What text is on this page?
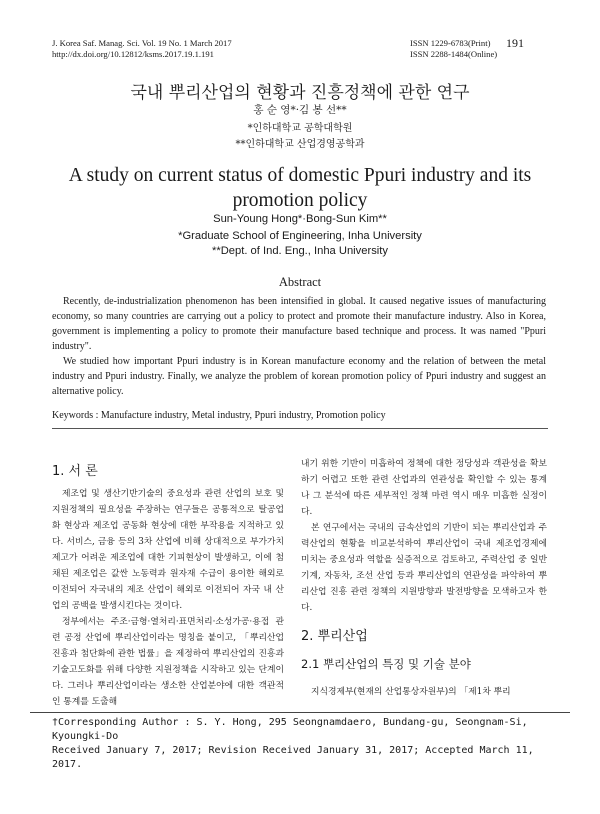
J. Korea Saf. Manag. Sci. Vol. 19 No. 1 March 2017
http://dx.doi.org/10.12812/ksms.2017.19.1.191
ISSN 1229-6783(Print)
ISSN 2288-1484(Online)
191
국내 뿌리산업의 현황과 진흥정책에 관한 연구
홍 순 영*·김 봉 선**
*인하대학교 공학대학원
**인하대학교 산업경영공학과
A study on current status of domestic Ppuri industry and its
promotion policy
Sun-Young Hong*·Bong-Sun Kim**
*Graduate School of Engineering, Inha University
**Dept. of Ind. Eng., Inha University
Abstract

Recently, de-industrialization phenomenon has been intensified in global. It caused negative issues of manufacturing economy, so many countries are carrying out a policy to protect and promote their manufacture industry. Also in Korea, government is implementing a policy to promote their manufacture based technique and process. It was named "Ppuri industry".

We studied how important Ppuri industry is in Korean manufacture economy and the relation of between the metal industry and Ppuri industry. Finally, we analyze the problem of korean promotion policy of Ppuri industry and suggest an alternative policy.

Keywords : Manufacture industry, Metal industry, Ppuri industry, Promotion policy
1. 서 론

제조업 및 생산기반기술의 중요성과 관련 산업의 보호 및 지원정책의 필요성을 주장하는 연구들은 공통적으로 탈공업화 현상과 제조업 공동화 현상에 대한 부작용을 지적하고 있다. 서비스, 금융 등의 3차 산업에 비해 상대적으로 부가가치 제고가 어려운 제조업에 대한 기피현상이 발생하고, 이에 첨채된 제조업은 값싼 노동력과 원자재 수급이 용이한 해외로 이전되어 자국내의 제조 산업이 해외로 이전되어 자국 내 산업의 공백을 발생시킨다는 것이다.

정부에서는 주조·금형·열처리·표면처리·소성가공·용접 관련 공정 산업에 뿌리산업이라는 명칭을 붙이고, 「뿌리산업진흥과 첨단화에 관한 법률」을 제정하여 뿌리산업의 진흥과 기술고도화를 위해 다양한 지원정책을 시작하고 있는 단계이다. 그러나 뿌리산업이라는 생소한 산업분야에 대한 객관적인 통계를 도출해

내기 위한 기반이 미흡하여 정책에 대한 정당성과 객관성을 확보하기 어렵고 또한 관련 산업과의 연관성을 확인할 수 있는 통계나 그 분석에 따른 세부적인 정책 마련 역시 매우 미흡한 실정이다.

본 연구에서는 국내의 금속산업의 기반이 되는 뿌리산업과 주력산업의 현황을 비교분석하여 뿌리산업이 국내 제조업경제에 미치는 중요성과 역할을 실증적으로 검토하고, 주력산업 중 일반기계, 자동차, 조선 산업 등과 뿌리산업의 연관성을 파악하여 뿌리산업 진흥 관련 정책의 지원방향과 발전방향을 모색하고자 한다.

2. 뿌리산업
2.1 뿌리산업의 특징 및 기술 분야

지식경제부(현재의 산업통상자원부)의 「제1차 뿌리

†Corresponding Author : S. Y. Hong, 295 Seongnamdaero, Bundang-gu, Seongnam-Si,
Kyoungki-Do
Received January 7, 2017; Revision Received January 31, 2017; Accepted March 11, 2017.
